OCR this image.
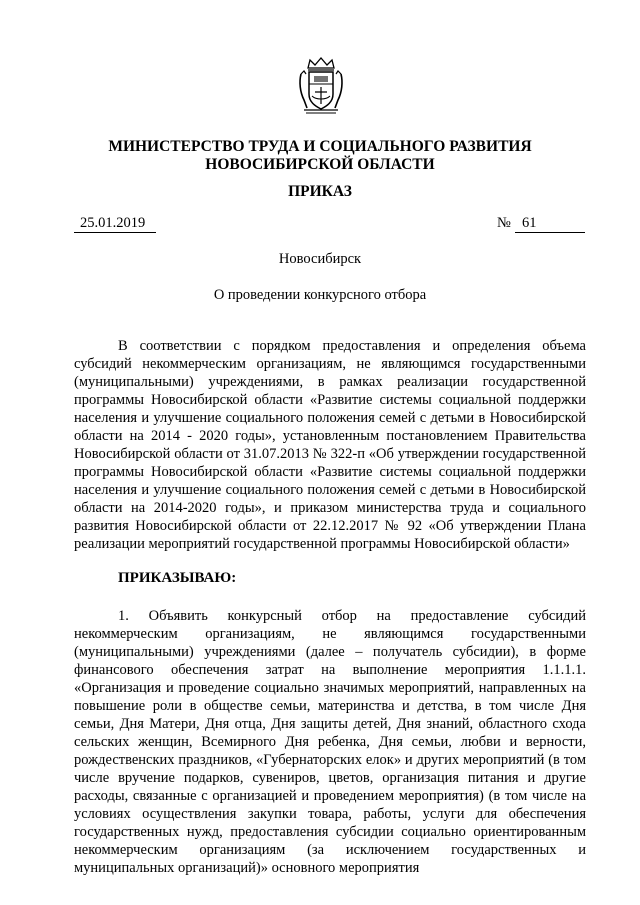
МИНИСТЕРСТВО ТРУДА И СОЦИАЛЬНОГО РАЗВИТИЯ
НОВОСИБИРСКОЙ ОБЛАСТИ
ПРИКАЗ
25.01.2019	№ 61
Новосибирск
О проведении конкурсного отбора

В соответствии с порядком предоставления и определения объема субсидий некоммерческим организациям, не являющимся государственными (муниципальными) учреждениями, в рамках реализации государственной программы Новосибирской области «Развитие системы социальной поддержки населения и улучшение социального положения семей с детьми в Новосибирской области на 2014 - 2020 годы», установленным постановлением Правительства Новосибирской области от 31.07.2013 № 322-п «Об утверждении государственной программы Новосибирской области «Развитие системы социальной поддержки населения и улучшение социального положения семей с детьми в Новосибирской области на 2014-2020 годы», и приказом министерства труда и социального развития Новосибирской области от 22.12.2017 № 92 «Об утверждении Плана реализации мероприятий государственной программы Новосибирской области»

ПРИКАЗЫВАЮ:

1. Объявить конкурсный отбор на предоставление субсидий некоммерческим организациям, не являющимся государственными (муниципальными) учреждениями (далее – получатель субсидии), в форме финансового обеспечения затрат на выполнение мероприятия 1.1.1.1. «Организация и проведение социально значимых мероприятий, направленных на повышение роли в обществе семьи, материнства и детства, в том числе Дня семьи, Дня Матери, Дня отца, Дня защиты детей, Дня знаний, областного схода сельских женщин, Всемирного Дня ребенка, Дня семьи, любви и верности, рождественских праздников, «Губернаторских елок» и других мероприятий (в том числе вручение подарков, сувениров, цветов, организация питания и другие расходы, связанные с организацией и проведением мероприятия) (в том числе на условиях осуществления закупки товара, работы, услуги для обеспечения государственных нужд, предоставления субсидии социально ориентированным некоммерческим организациям (за исключением государственных и муниципальных организаций)» основного мероприятия
